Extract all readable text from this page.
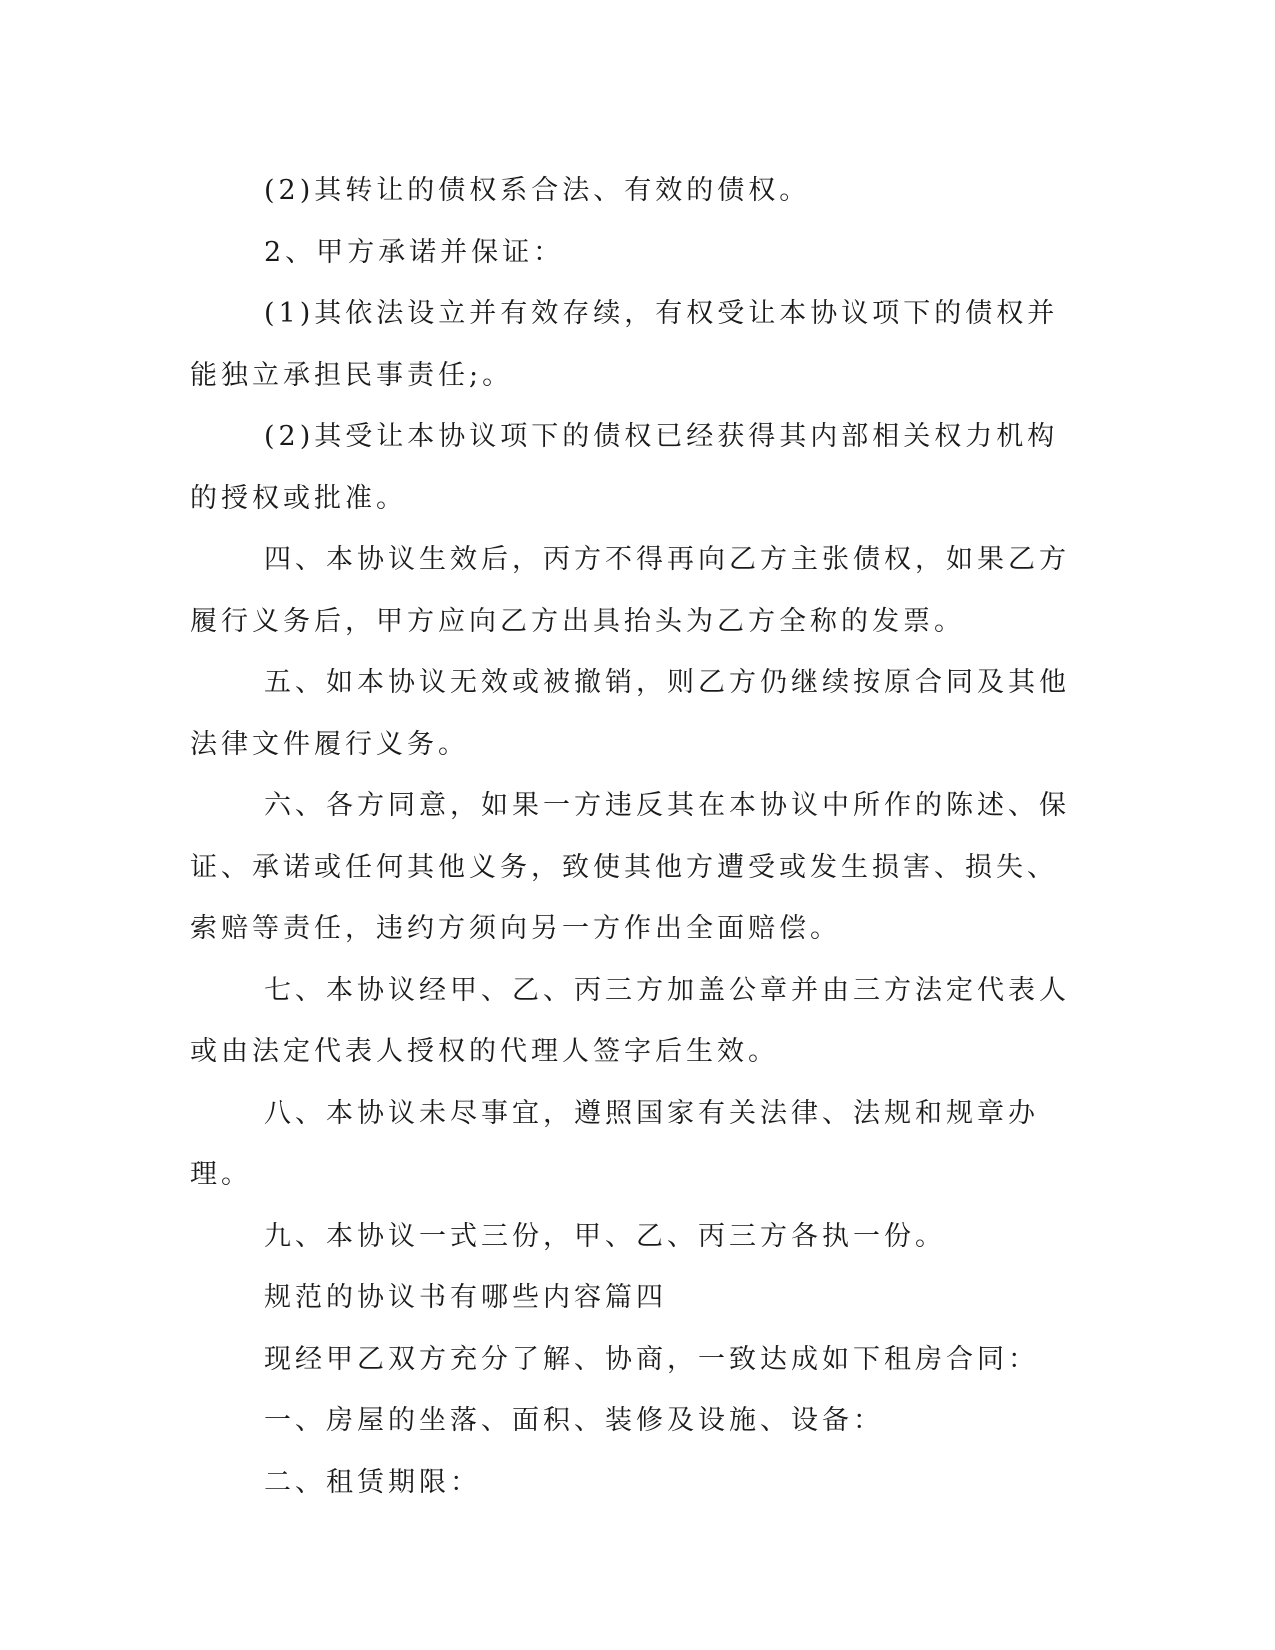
(2)其转让的债权系合法、有效的债权。

2、甲方承诺并保证：

(1)其依法设立并有效存续，有权受让本协议项下的债权并能独立承担民事责任;。

(2)其受让本协议项下的债权已经获得其内部相关权力机构的授权或批准。

四、本协议生效后，丙方不得再向乙方主张债权，如果乙方履行义务后，甲方应向乙方出具抬头为乙方全称的发票。

五、如本协议无效或被撤销，则乙方仍继续按原合同及其他法律文件履行义务。

六、各方同意，如果一方违反其在本协议中所作的陈述、保证、承诺或任何其他义务，致使其他方遭受或发生损害、损失、索赔等责任，违约方须向另一方作出全面赔偿。

七、本协议经甲、乙、丙三方加盖公章并由三方法定代表人或由法定代表人授权的代理人签字后生效。

八、本协议未尽事宜，遵照国家有关法律、法规和规章办理。

九、本协议一式三份，甲、乙、丙三方各执一份。

规范的协议书有哪些内容篇四

现经甲乙双方充分了解、协商，一致达成如下租房合同：

一、房屋的坐落、面积、装修及设施、设备：

二、租赁期限：
